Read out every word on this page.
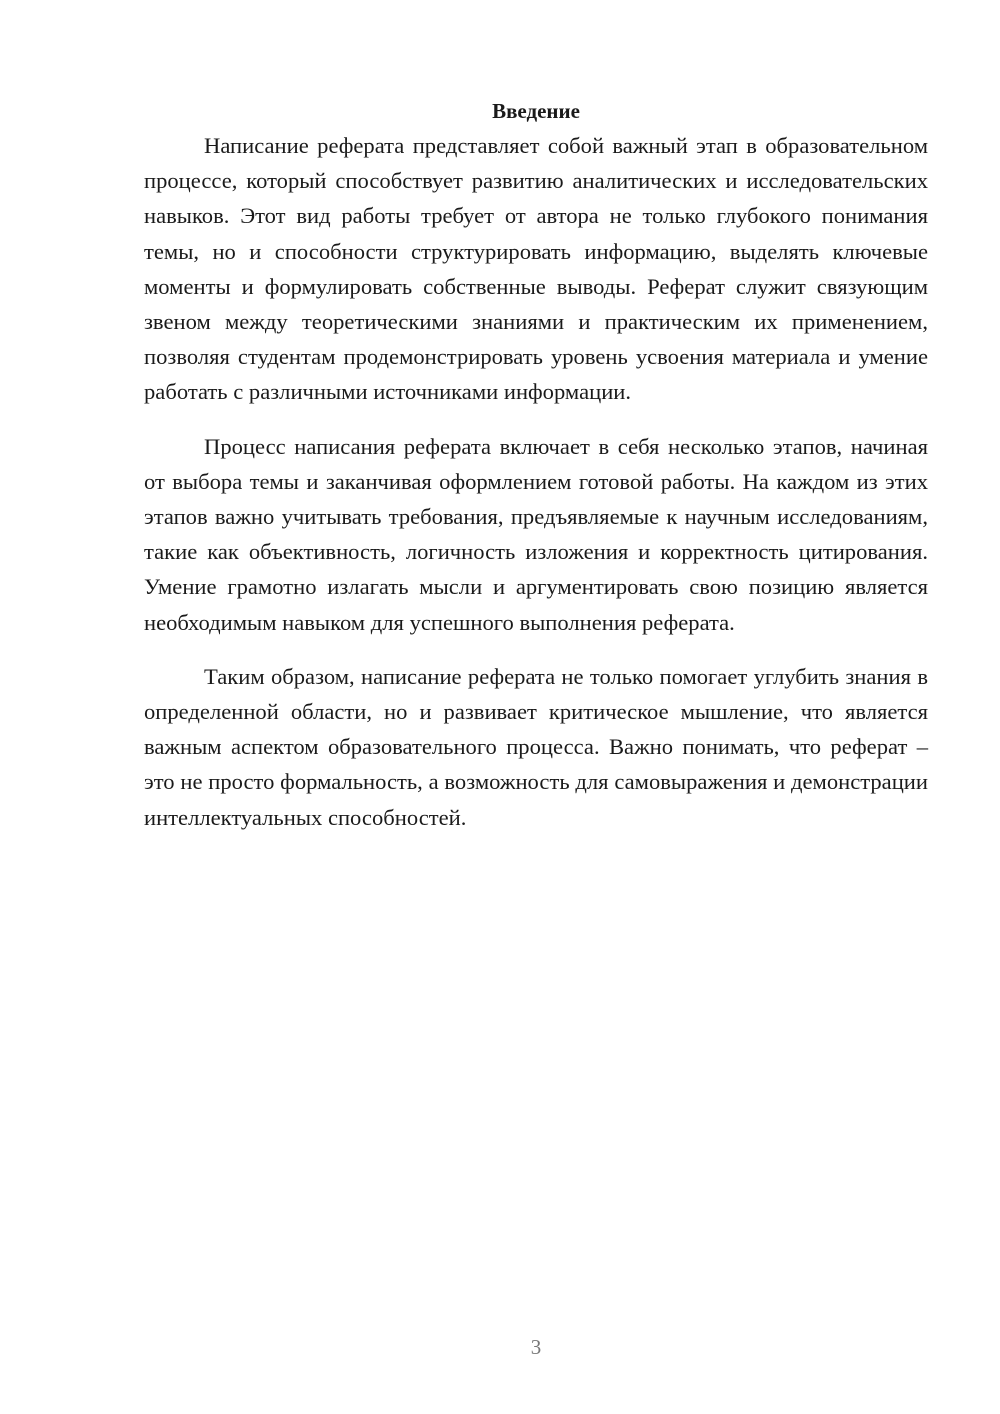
Введение

Написание реферата представляет собой важный этап в образовательном процессе, который способствует развитию аналитических и исследовательских навыков. Этот вид работы требует от автора не только глубокого понимания темы, но и способности структурировать информацию, выделять ключевые моменты и формулировать собственные выводы. Реферат служит связующим звеном между теоретическими знаниями и практическим их применением, позволяя студентам продемонстрировать уровень усвоения материала и умение работать с различными источниками информации.

Процесс написания реферата включает в себя несколько этапов, начиная от выбора темы и заканчивая оформлением готовой работы. На каждом из этих этапов важно учитывать требования, предъявляемые к научным исследованиям, такие как объективность, логичность изложения и корректность цитирования. Умение грамотно излагать мысли и аргументировать свою позицию является необходимым навыком для успешного выполнения реферата.

Таким образом, написание реферата не только помогает углубить знания в определенной области, но и развивает критическое мышление, что является важным аспектом образовательного процесса. Важно понимать, что реферат – это не просто формальность, а возможность для самовыражения и демонстрации интеллектуальных способностей.

3
